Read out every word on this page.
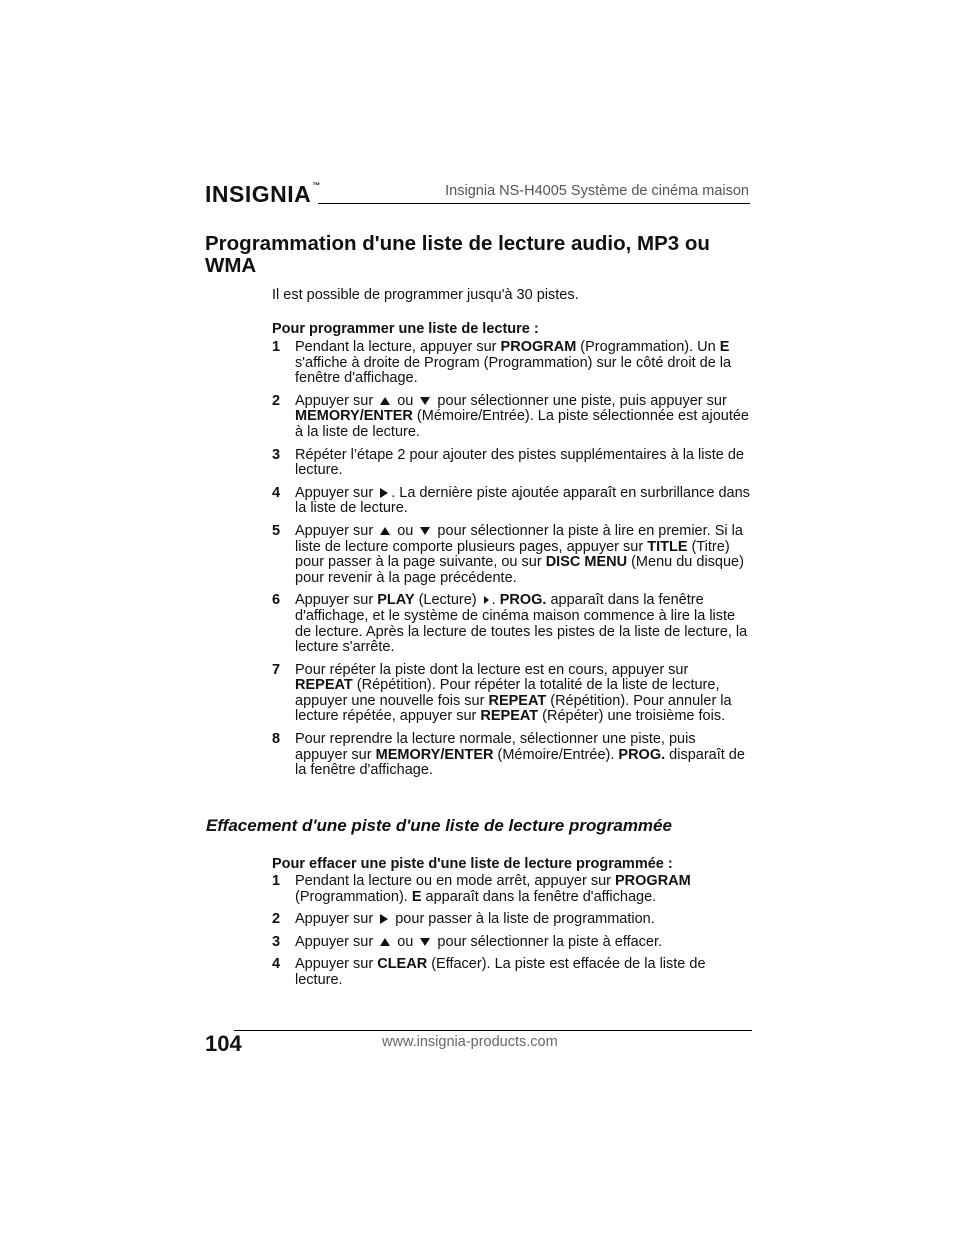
INSIGNIA™	Insignia NS-H4005 Système de cinéma maison
Programmation d'une liste de lecture audio, MP3 ou WMA
Il est possible de programmer jusqu'à 30 pistes.
Pour programmer une liste de lecture :
1 Pendant la lecture, appuyer sur PROGRAM (Programmation). Un E s'affiche à droite de Program (Programmation) sur le côté droit de la fenêtre d'affichage.
2 Appuyer sur  ou  pour sélectionner une piste, puis appuyer sur MEMORY/ENTER (Mémoire/Entrée). La piste sélectionnée est ajoutée à la liste de lecture.
3 Répéter l’étape 2 pour ajouter des pistes supplémentaires à la liste de lecture.
4 Appuyer sur . La dernière piste ajoutée apparaît en surbrillance dans la liste de lecture.
5 Appuyer sur  ou  pour sélectionner la piste à lire en premier. Si la liste de lecture comporte plusieurs pages, appuyer sur TITLE (Titre) pour passer à la page suivante, ou sur DISC MENU (Menu du disque) pour revenir à la page précédente.
6 Appuyer sur PLAY (Lecture) . PROG. apparaît dans la fenêtre d'affichage, et le système de cinéma maison commence à lire la liste de lecture. Après la lecture de toutes les pistes de la liste de lecture, la lecture s'arrête.
7 Pour répéter la piste dont la lecture est en cours, appuyer sur REPEAT (Répétition). Pour répéter la totalité de la liste de lecture, appuyer une nouvelle fois sur REPEAT (Répétition). Pour annuler la lecture répétée, appuyer sur REPEAT (Répéter) une troisième fois.
8 Pour reprendre la lecture normale, sélectionner une piste, puis appuyer sur MEMORY/ENTER (Mémoire/Entrée). PROG. disparaît de la fenêtre d'affichage.
Effacement d'une piste d'une liste de lecture programmée
Pour effacer une piste d'une liste de lecture programmée :
1 Pendant la lecture ou en mode arrêt, appuyer sur PROGRAM (Programmation). E apparaît dans la fenêtre d'affichage.
2 Appuyer sur  pour passer à la liste de programmation.
3 Appuyer sur  ou  pour sélectionner la piste à effacer.
4 Appuyer sur CLEAR (Effacer). La piste est effacée de la liste de lecture.
104	www.insignia-products.com
